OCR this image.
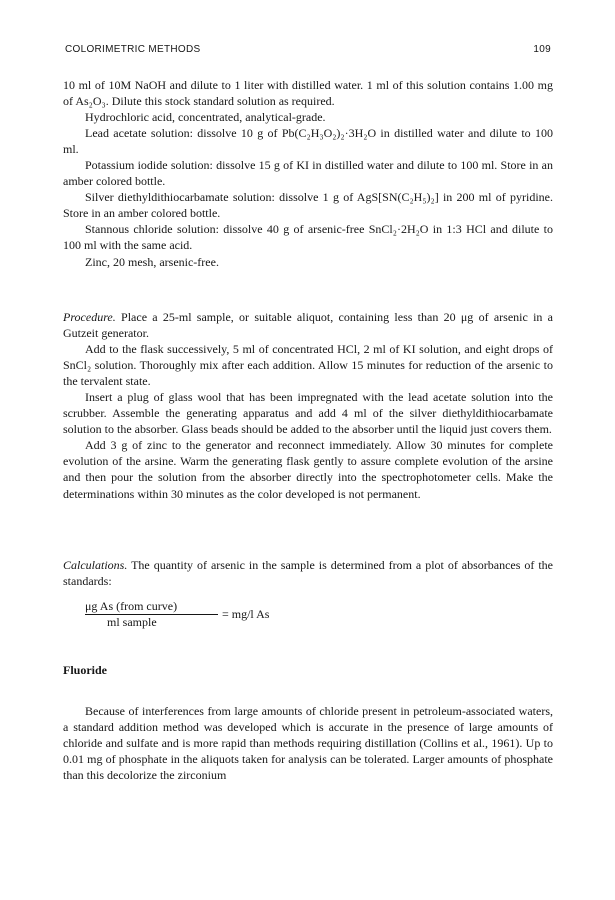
COLORIMETRIC METHODS	109

10 ml of 10M NaOH and dilute to 1 liter with distilled water. 1 ml of this solution contains 1.00 mg of As₂O₃. Dilute this stock standard solution as required.

Hydrochloric acid, concentrated, analytical-grade.

Lead acetate solution: dissolve 10 g of Pb(C₂H₃O₂)₂·3H₂O in distilled water and dilute to 100 ml.

Potassium iodide solution: dissolve 15 g of KI in distilled water and dilute to 100 ml. Store in an amber colored bottle.

Silver diethyldithiocarbamate solution: dissolve 1 g of AgS[SN(C₂H₅)₂] in 200 ml of pyridine. Store in an amber colored bottle.

Stannous chloride solution: dissolve 40 g of arsenic-free SnCl₂·2H₂O in 1:3 HCl and dilute to 100 ml with the same acid.

Zinc, 20 mesh, arsenic-free.

Procedure. Place a 25-ml sample, or suitable aliquot, containing less than 20 μg of arsenic in a Gutzeit generator.

Add to the flask successively, 5 ml of concentrated HCl, 2 ml of KI solution, and eight drops of SnCl₂ solution. Thoroughly mix after each addition. Allow 15 minutes for reduction of the arsenic to the tervalent state.

Insert a plug of glass wool that has been impregnated with the lead acetate solution into the scrubber. Assemble the generating apparatus and add 4 ml of the silver diethyldithiocarbamate solution to the absorber. Glass beads should be added to the absorber until the liquid just covers them.

Add 3 g of zinc to the generator and reconnect immediately. Allow 30 minutes for complete evolution of the arsine. Warm the generating flask gently to assure complete evolution of the arsine and then pour the solution from the absorber directly into the spectrophotometer cells. Make the determinations within 30 minutes as the color developed is not permanent.

Calculations. The quantity of arsenic in the sample is determined from a plot of absorbances of the standards:

μg As (from curve)
ml sample
= mg/l As
Fluoride

Because of interferences from large amounts of chloride present in petroleum-associated waters, a standard addition method was developed which is accurate in the presence of large amounts of chloride and sulfate and is more rapid than methods requiring distillation (Collins et al., 1961). Up to 0.01 mg of phosphate in the aliquots taken for analysis can be tolerated. Larger amounts of phosphate than this decolorize the zirconium
